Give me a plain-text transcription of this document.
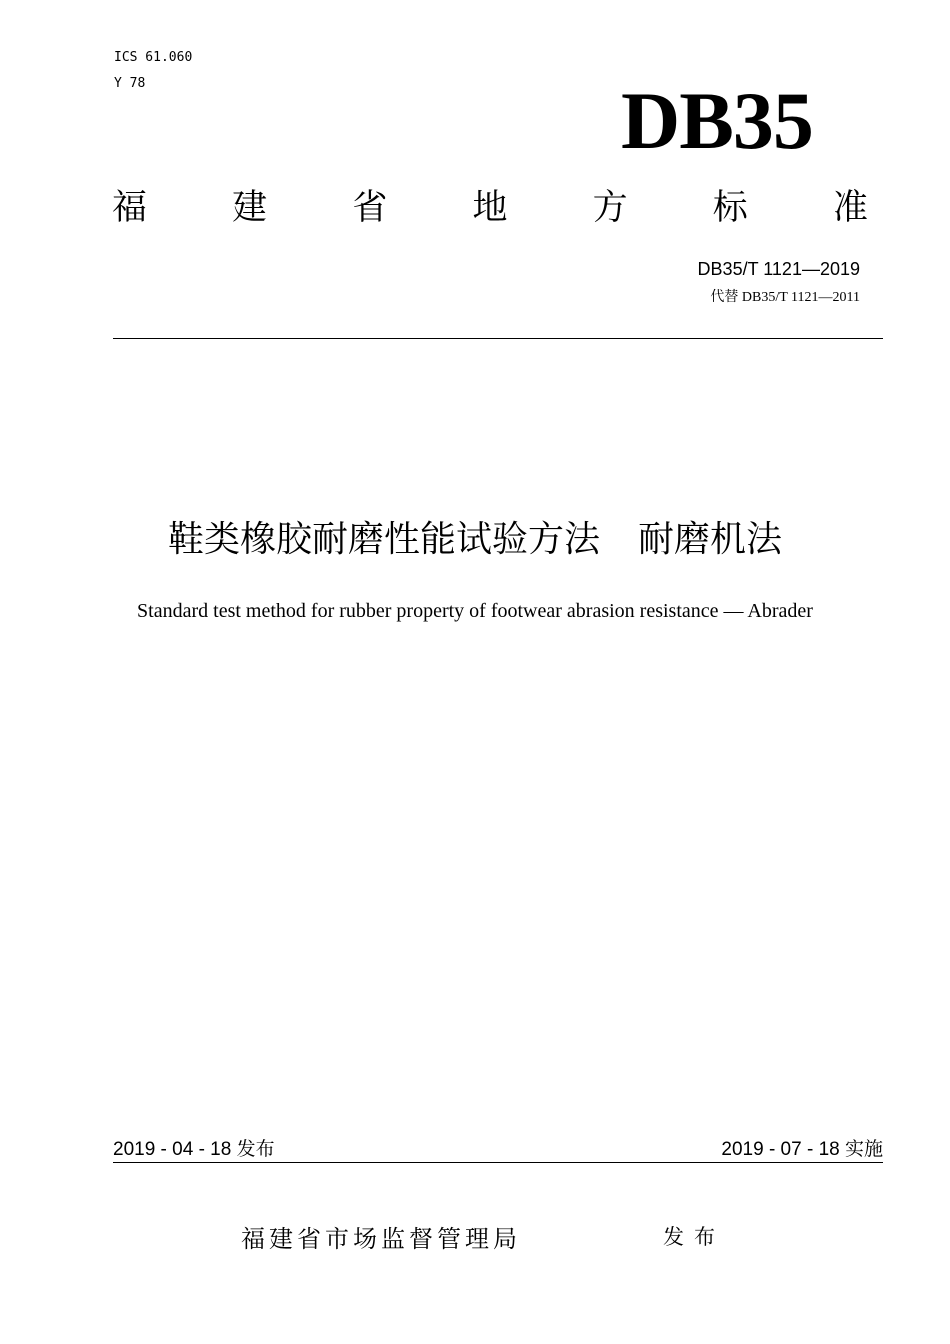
ICS 61.060
Y 78	DB35
福 建 省 地 方 标 准
DB35/T 1121—2019
代替 DB35/T 1121—2011
鞋类橡胶耐磨性能试验方法 耐磨机法
Standard test method for rubber property of footwear abrasion resistance — Abrader
2019 - 04 - 18 发布	2019 - 07 - 18 实施
福建省市场监督管理局	发布
